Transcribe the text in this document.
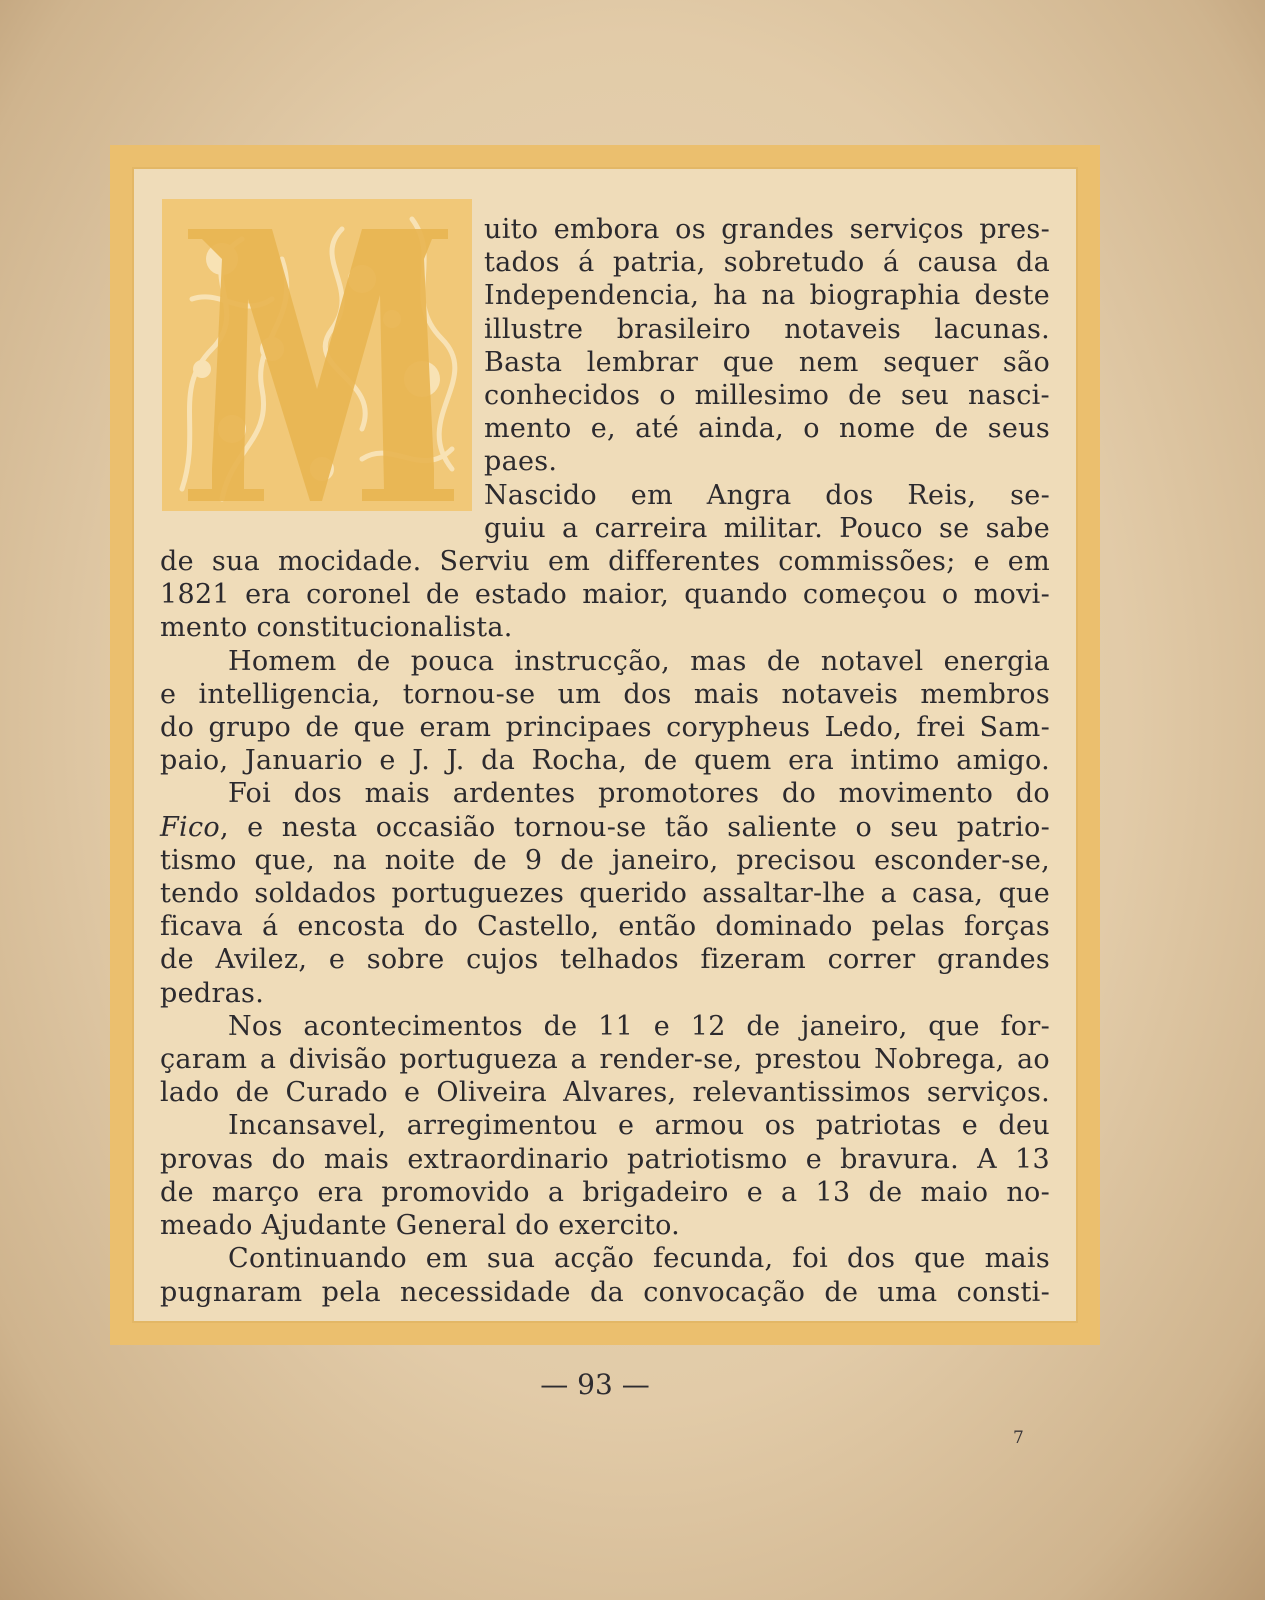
uito embora os grandes serviços pres-
tados á patria, sobretudo á causa da
Independencia, ha na biographia deste
illustre brasileiro notaveis lacunas.
Basta lembrar que nem sequer são
conhecidos o millesimo de seu nasci-
mento e, até ainda, o nome de seus
paes.
Nascido em Angra dos Reis, se-
guiu a carreira militar. Pouco se sabe
de sua mocidade. Serviu em differentes commissões; e em
1821 era coronel de estado maior, quando começou o movi-
mento constitucionalista.
Homem de pouca instrucção, mas de notavel energia
e intelligencia, tornou-se um dos mais notaveis membros
do grupo de que eram principaes corypheus Ledo, frei Sam-
paio, Januario e J. J. da Rocha, de quem era intimo amigo.
Foi dos mais ardentes promotores do movimento do
Fico, e nesta occasião tornou-se tão saliente o seu patrio-
tismo que, na noite de 9 de janeiro, precisou esconder-se,
tendo soldados portuguezes querido assaltar-lhe a casa, que
ficava á encosta do Castello, então dominado pelas forças
de Avilez, e sobre cujos telhados fizeram correr grandes
pedras.
Nos acontecimentos de 11 e 12 de janeiro, que for-
çaram a divisão portugueza a render-se, prestou Nobrega, ao
lado de Curado e Oliveira Alvares, relevantissimos serviços.
Incansavel, arregimentou e armou os patriotas e deu
provas do mais extraordinario patriotismo e bravura. A 13
de março era promovido a brigadeiro e a 13 de maio no-
meado Ajudante General do exercito.
Continuando em sua acção fecunda, foi dos que mais
pugnaram pela necessidade da convocação de uma consti-
— 93 —
7
